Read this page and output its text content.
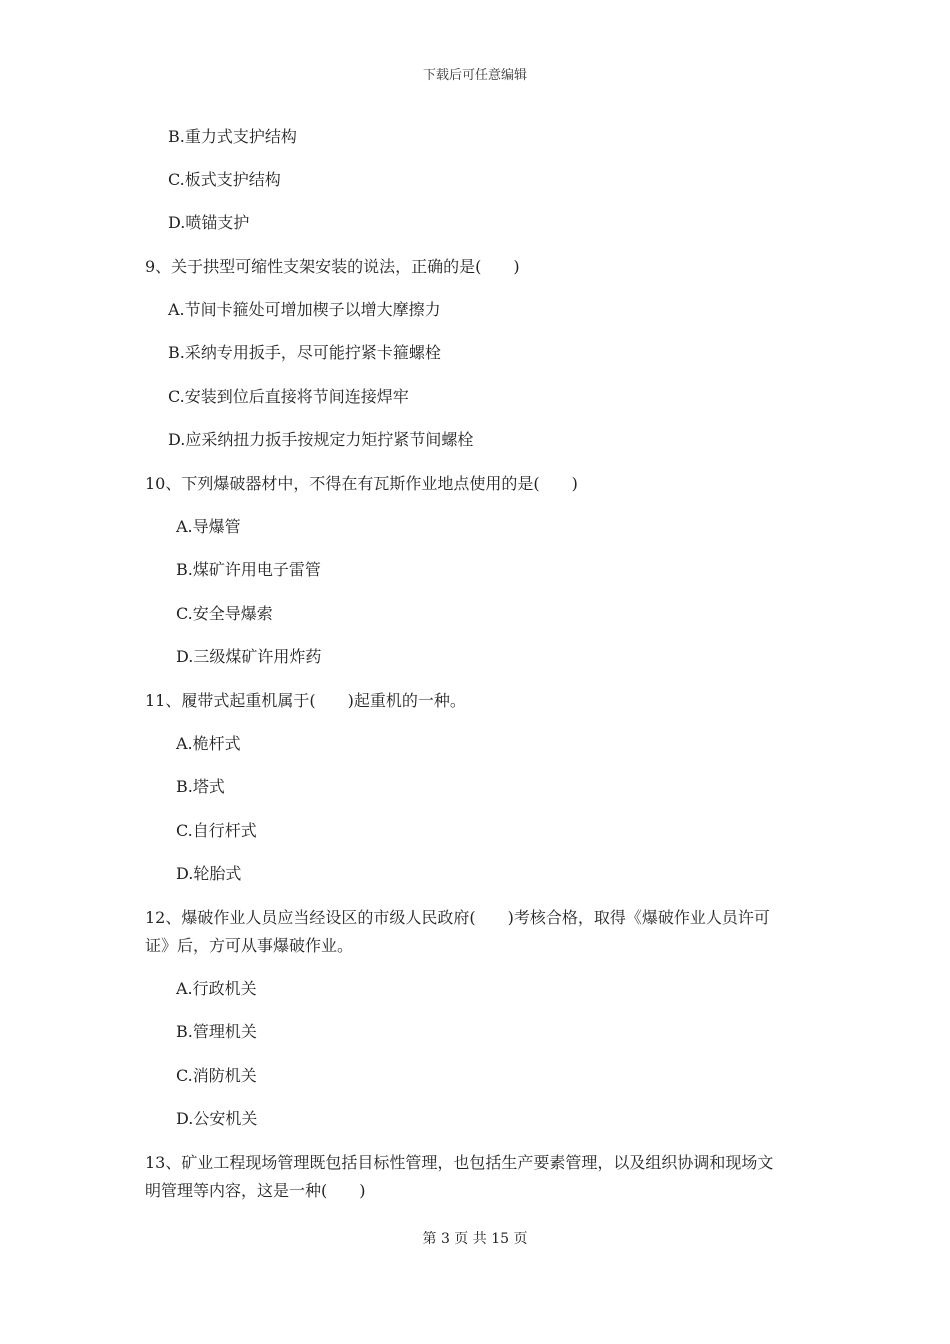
下载后可任意编辑
B.重力式支护结构
C.板式支护结构
D.喷锚支护
9、关于拱型可缩性支架安装的说法，正确的是(　　)
A.节间卡箍处可增加楔子以增大摩擦力
B.采纳专用扳手，尽可能拧紧卡箍螺栓
C.安装到位后直接将节间连接焊牢
D.应采纳扭力扳手按规定力矩拧紧节间螺栓
10、下列爆破器材中，不得在有瓦斯作业地点使用的是(　　)
A.导爆管
B.煤矿许用电子雷管
C.安全导爆索
D.三级煤矿许用炸药
11、履带式起重机属于(　　)起重机的一种。
A.桅杆式
B.塔式
C.自行杆式
D.轮胎式
12、爆破作业人员应当经设区的市级人民政府(　　)考核合格，取得《爆破作业人员许可
证》后，方可从事爆破作业。
A.行政机关
B.管理机关
C.消防机关
D.公安机关
13、矿业工程现场管理既包括目标性管理，也包括生产要素管理，以及组织协调和现场文
明管理等内容，这是一种(　　)
第 3 页 共 15 页
